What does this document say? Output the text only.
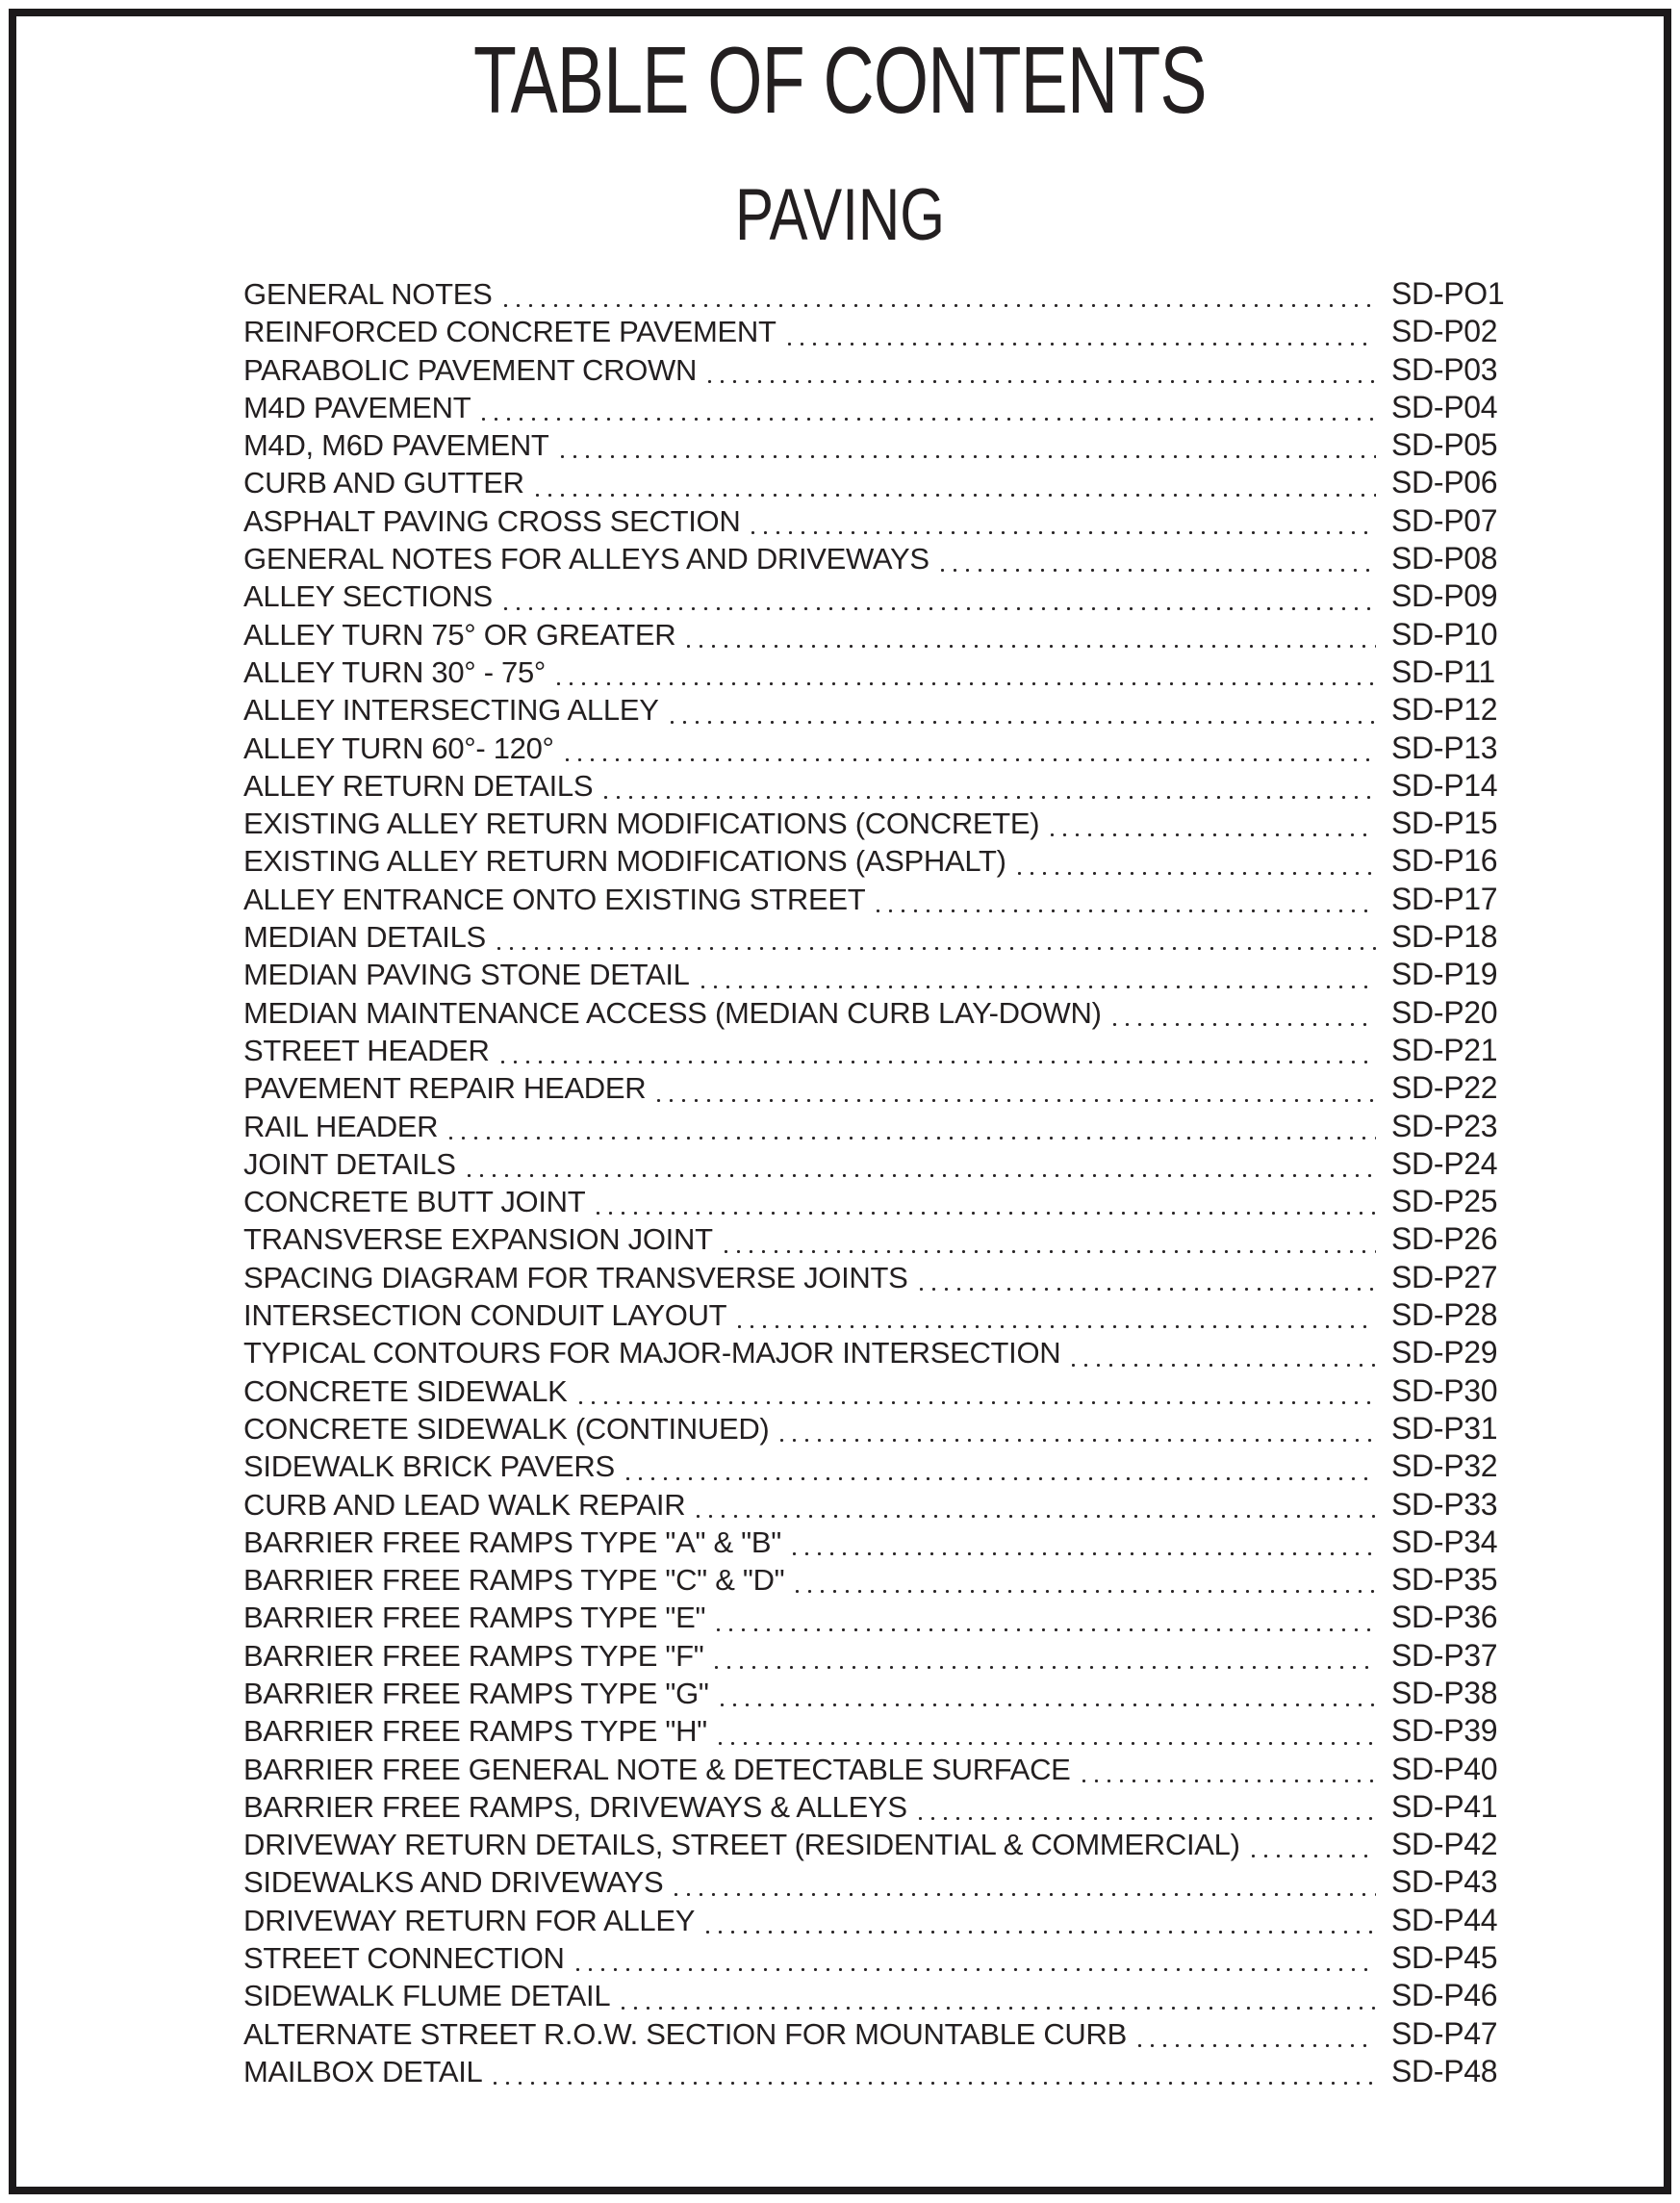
TABLE OF CONTENTS
PAVING
GENERAL NOTES	SD-PO1
REINFORCED CONCRETE PAVEMENT	SD-P02
PARABOLIC PAVEMENT CROWN	SD-P03
M4D PAVEMENT	SD-P04
M4D, M6D PAVEMENT	SD-P05
CURB AND GUTTER	SD-P06
ASPHALT PAVING CROSS SECTION	SD-P07
GENERAL NOTES FOR ALLEYS AND DRIVEWAYS	SD-P08
ALLEY SECTIONS	SD-P09
ALLEY TURN 75° OR GREATER	SD-P10
ALLEY TURN 30° - 75°	SD-P11
ALLEY INTERSECTING ALLEY	SD-P12
ALLEY TURN 60°- 120°	SD-P13
ALLEY RETURN DETAILS	SD-P14
EXISTING ALLEY RETURN MODIFICATIONS (CONCRETE)	SD-P15
EXISTING ALLEY RETURN MODIFICATIONS (ASPHALT)	SD-P16
ALLEY ENTRANCE ONTO EXISTING STREET	SD-P17
MEDIAN DETAILS	SD-P18
MEDIAN PAVING STONE DETAIL	SD-P19
MEDIAN MAINTENANCE ACCESS (MEDIAN CURB LAY-DOWN)	SD-P20
STREET HEADER	SD-P21
PAVEMENT REPAIR HEADER	SD-P22
RAIL HEADER	SD-P23
JOINT DETAILS	SD-P24
CONCRETE BUTT JOINT	SD-P25
TRANSVERSE EXPANSION JOINT	SD-P26
SPACING DIAGRAM FOR TRANSVERSE JOINTS	SD-P27
INTERSECTION CONDUIT LAYOUT	SD-P28
TYPICAL CONTOURS FOR MAJOR-MAJOR INTERSECTION	SD-P29
CONCRETE SIDEWALK	SD-P30
CONCRETE SIDEWALK (CONTINUED)	SD-P31
SIDEWALK BRICK PAVERS	SD-P32
CURB AND LEAD WALK REPAIR	SD-P33
BARRIER FREE RAMPS TYPE "A" & "B"	SD-P34
BARRIER FREE RAMPS TYPE "C" & "D"	SD-P35
BARRIER FREE RAMPS TYPE "E"	SD-P36
BARRIER FREE RAMPS TYPE "F"	SD-P37
BARRIER FREE RAMPS TYPE "G"	SD-P38
BARRIER FREE RAMPS TYPE "H"	SD-P39
BARRIER FREE GENERAL NOTE & DETECTABLE SURFACE	SD-P40
BARRIER FREE RAMPS, DRIVEWAYS & ALLEYS	SD-P41
DRIVEWAY RETURN DETAILS, STREET (RESIDENTIAL & COMMERCIAL)	SD-P42
SIDEWALKS AND DRIVEWAYS	SD-P43
DRIVEWAY RETURN FOR ALLEY	SD-P44
STREET CONNECTION	SD-P45
SIDEWALK FLUME DETAIL	SD-P46
ALTERNATE STREET R.O.W. SECTION FOR MOUNTABLE CURB	SD-P47
MAILBOX DETAIL	SD-P48
